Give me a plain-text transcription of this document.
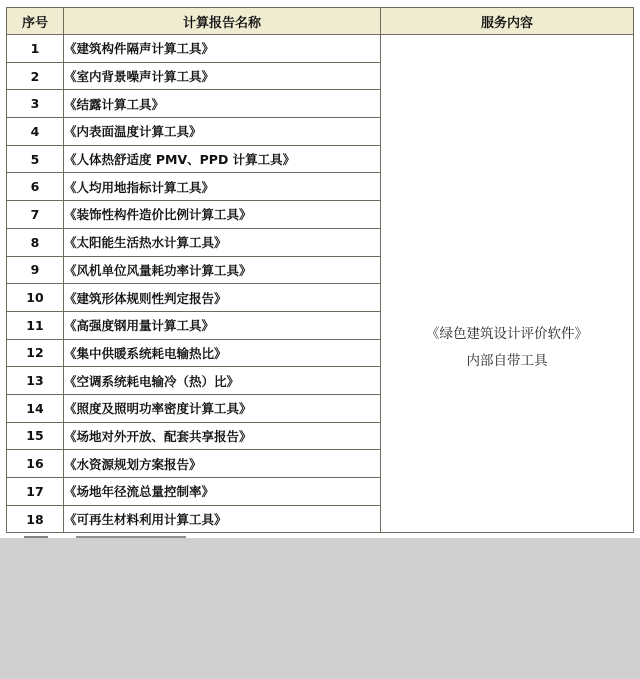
序号	计算报告名称	服务内容
1	《建筑构件隔声计算工具》	《绿色建筑设计评价软件》
内部自带工具

2	《室内背景噪声计算工具》	
3	《结露计算工具》	
4	《内表面温度计算工具》	
5	《人体热舒适度 PMV、PPD 计算工具》	
6	《人均用地指标计算工具》	
7	《装饰性构件造价比例计算工具》	
8	《太阳能生活热水计算工具》	
9	《风机单位风量耗功率计算工具》	
10	《建筑形体规则性判定报告》	
11	《高强度钢用量计算工具》	
12	《集中供暖系统耗电输热比》	
13	《空调系统耗电输冷（热）比》	
14	《照度及照明功率密度计算工具》	
15	《场地对外开放、配套共享报告》	
16	《水资源规划方案报告》	
17	《场地年径流总量控制率》	
18	《可再生材料利用计算工具》	
